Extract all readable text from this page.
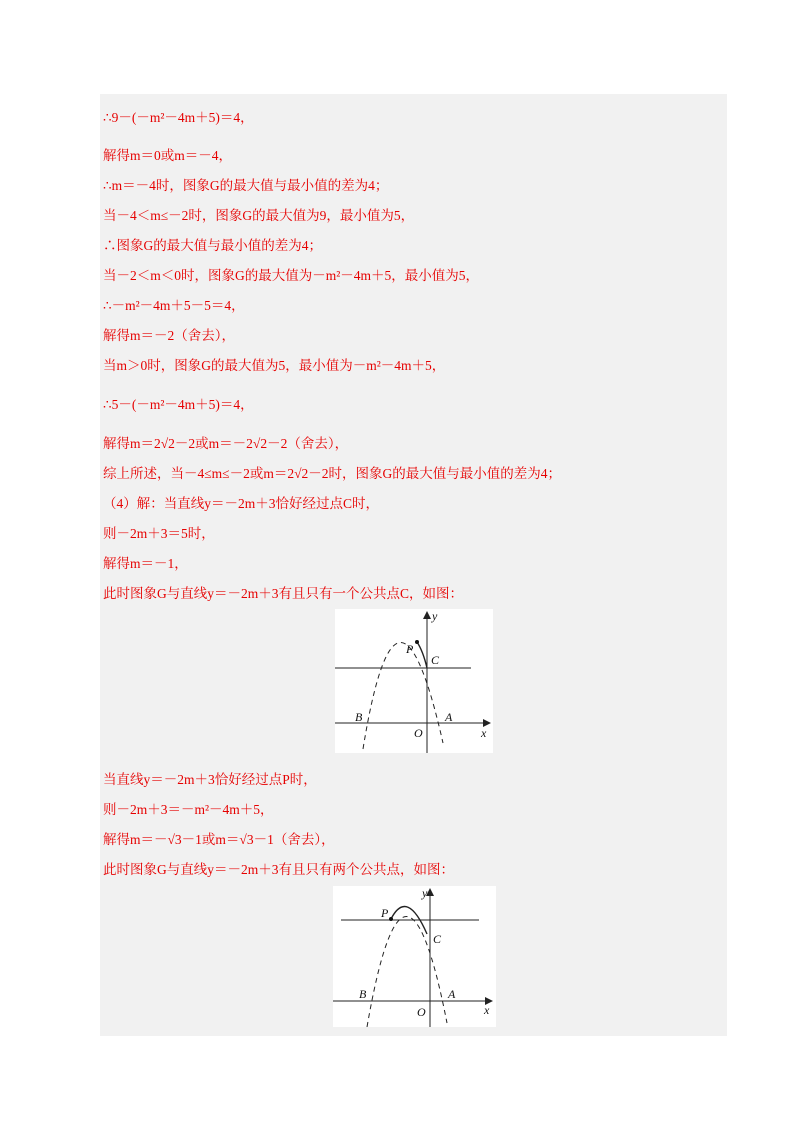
∴9－(－m²－4m＋5)＝4，
解得m＝0或m＝－4，
∴m＝－4时，图象G的最大值与最小值的差为4；
当－4＜m≤－2时，图象G的最大值为9，最小值为5，
∴图象G的最大值与最小值的差为4；
当－2＜m＜0时，图象G的最大值为－m²－4m＋5，最小值为5，
∴－m²－4m＋5－5＝4，
解得m＝－2（舍去），
当m＞0时，图象G的最大值为5，最小值为－m²－4m＋5，
∴5－(－m²－4m＋5)＝4，
解得m＝2√2－2或m＝－2√2－2（舍去），
综上所述，当－4≤m≤－2或m＝2√2－2时，图象G的最大值与最小值的差为4；
（4）解：当直线y＝－2m＋3恰好经过点C时，
则－2m＋3＝5时，
解得m＝－1，
此时图象G与直线y＝－2m＋3有且只有一个公共点C，如图：
y
x
O
A
B
C
P
当直线y＝－2m＋3恰好经过点P时，
则－2m＋3＝－m²－4m＋5，
解得m＝－√3－1或m＝√3－1（舍去），
此时图象G与直线y＝－2m＋3有且只有两个公共点，如图：
y
x
O
A
B
C
P
